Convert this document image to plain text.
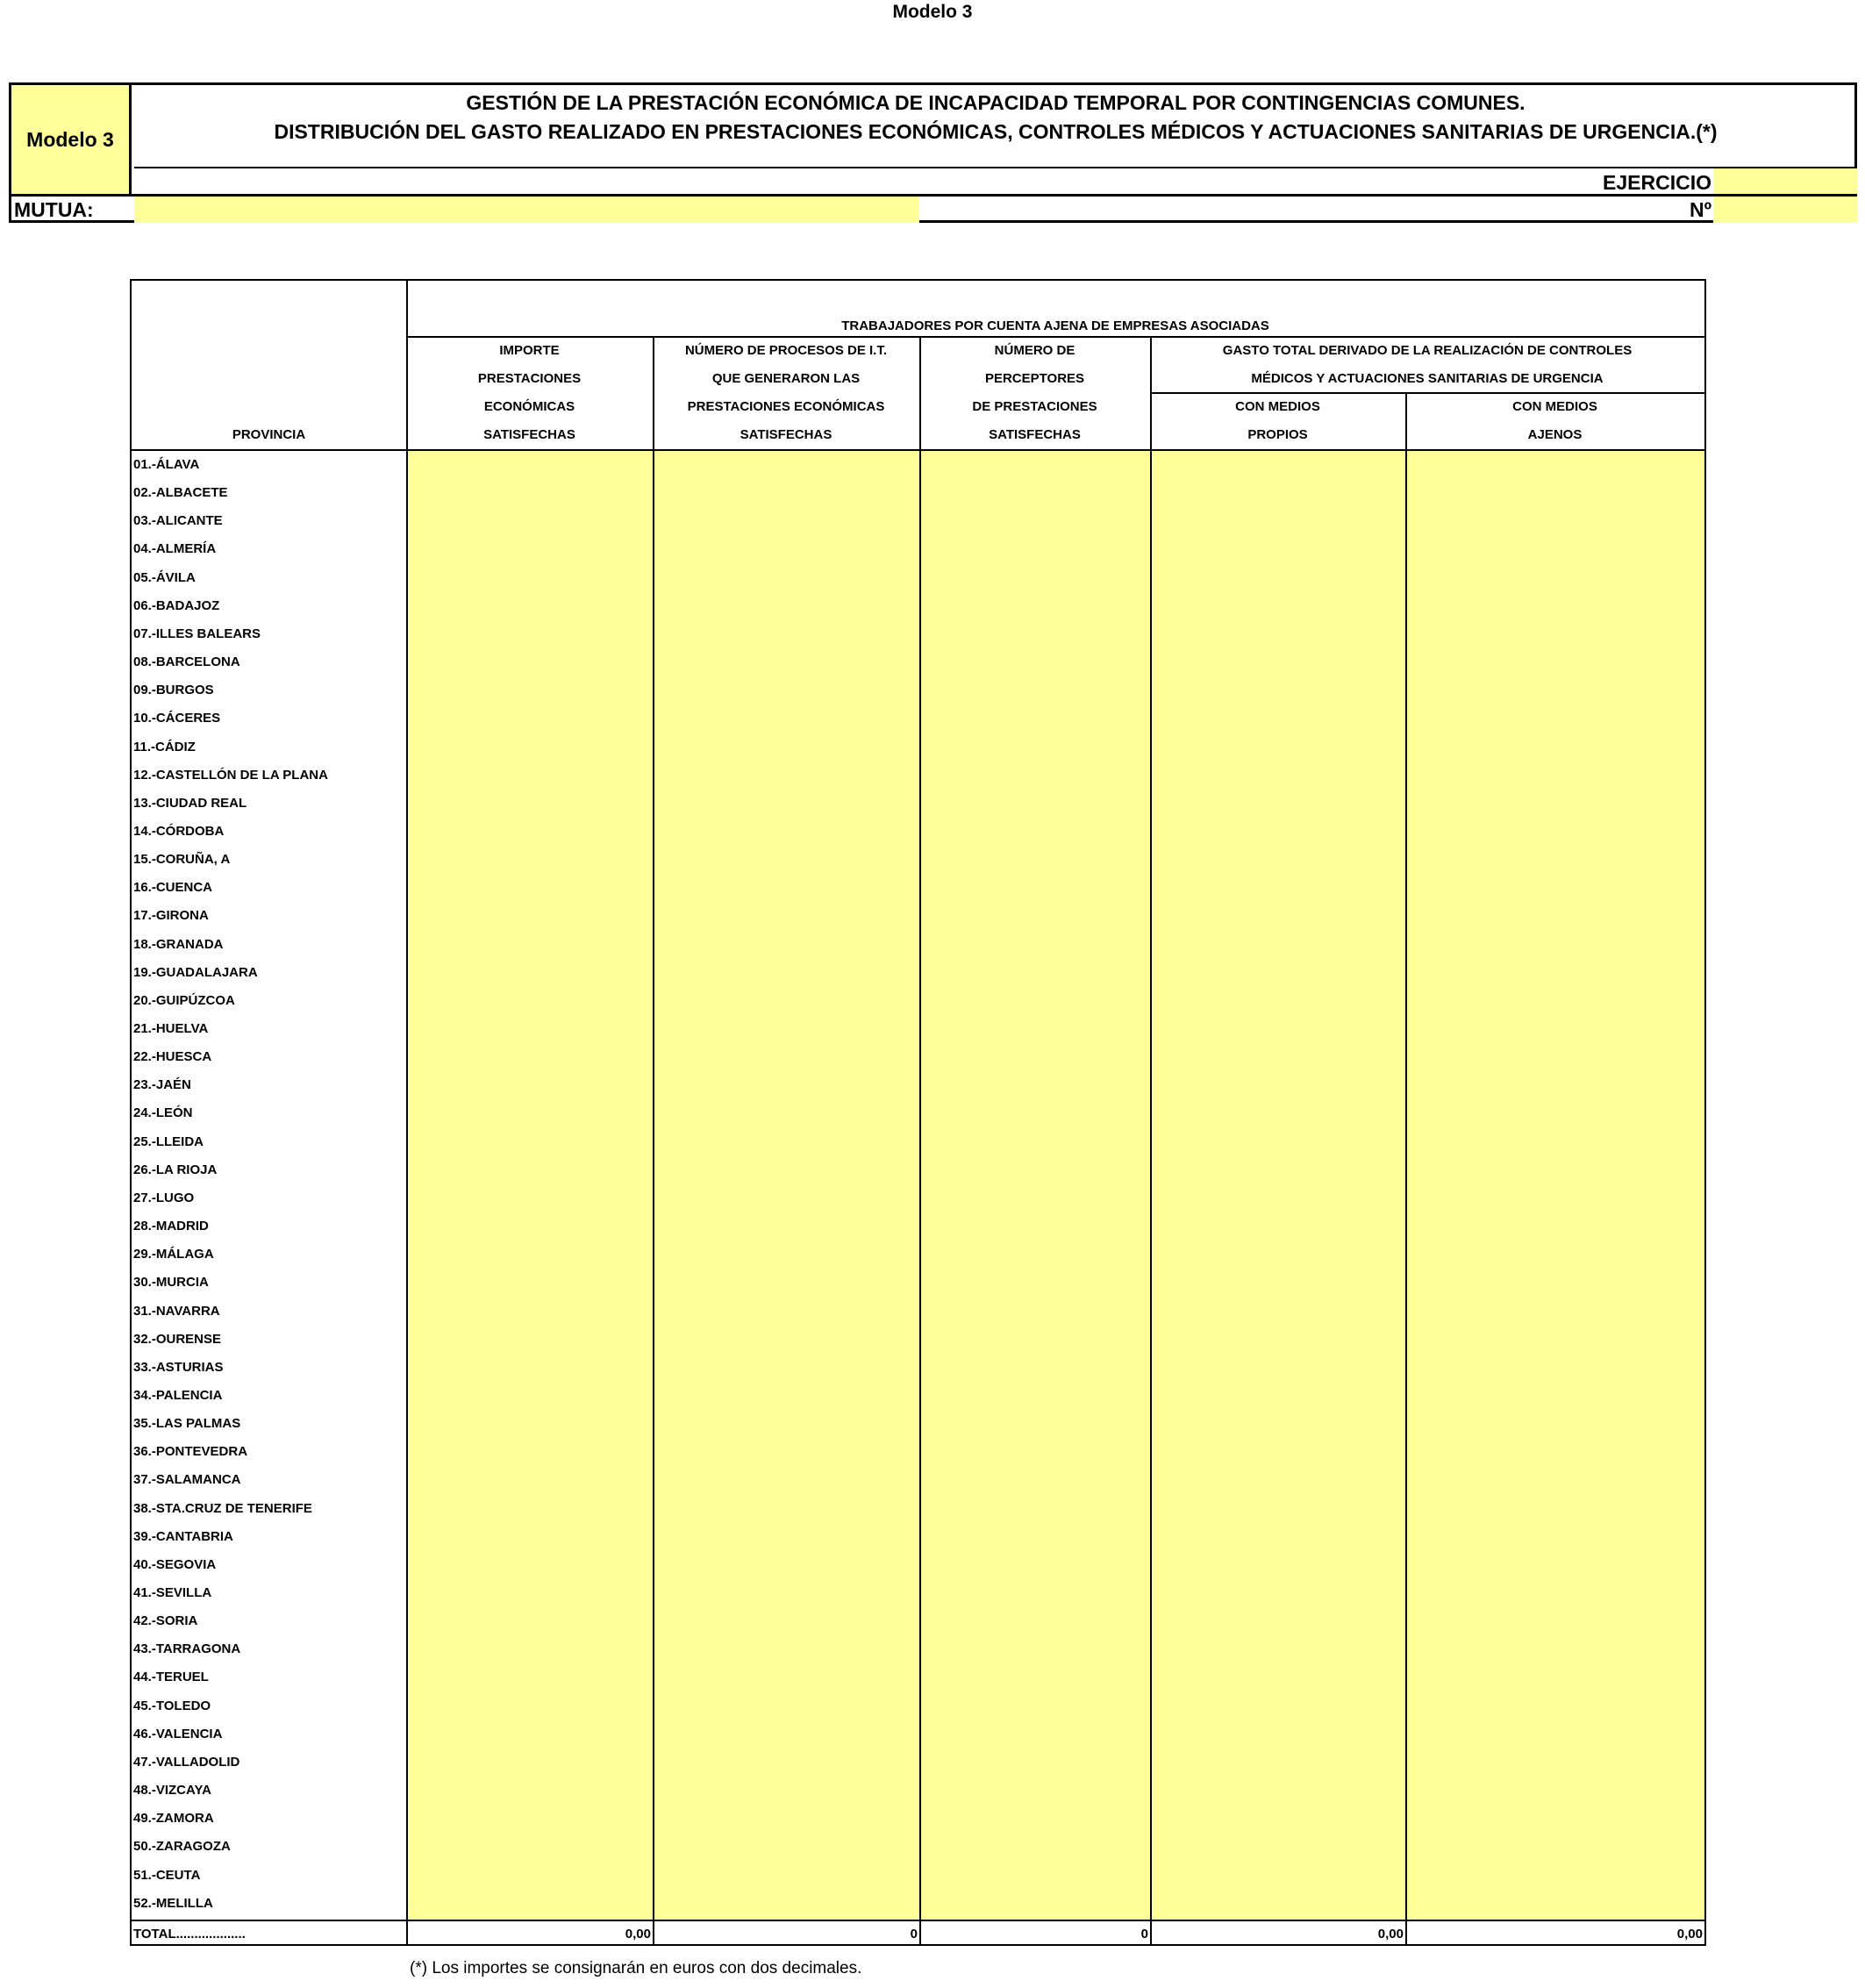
Modelo 3
Modelo 3
GESTIÓN DE LA PRESTACIÓN ECONÓMICA DE INCAPACIDAD TEMPORAL POR CONTINGENCIAS COMUNES.
DISTRIBUCIÓN DEL GASTO REALIZADO EN PRESTACIONES ECONÓMICAS, CONTROLES MÉDICOS Y ACTUACIONES SANITARIAS DE URGENCIA.(*)
EJERCICIO
MUTUA:	Nº
TRABAJADORES POR CUENTA AJENA DE EMPRESAS ASOCIADAS
PROVINCIA
IMPORTE
PRESTACIONES
ECONÓMICAS
SATISFECHAS
NÚMERO DE PROCESOS DE I.T.
QUE GENERARON LAS
PRESTACIONES ECONÓMICAS
SATISFECHAS
NÚMERO DE
PERCEPTORES
DE PRESTACIONES
SATISFECHAS
GASTO TOTAL DERIVADO DE LA REALIZACIÓN DE CONTROLES
MÉDICOS Y ACTUACIONES SANITARIAS DE URGENCIA
CON MEDIOS
PROPIOS
CON MEDIOS
AJENOS
01.-ÁLAVA
02.-ALBACETE
03.-ALICANTE
04.-ALMERÍA
05.-ÁVILA
06.-BADAJOZ
07.-ILLES BALEARS
08.-BARCELONA
09.-BURGOS
10.-CÁCERES
11.-CÁDIZ
12.-CASTELLÓN DE LA PLANA
13.-CIUDAD REAL
14.-CÓRDOBA
15.-CORUÑA, A
16.-CUENCA
17.-GIRONA
18.-GRANADA
19.-GUADALAJARA
20.-GUIPÚZCOA
21.-HUELVA
22.-HUESCA
23.-JAÉN
24.-LEÓN
25.-LLEIDA
26.-LA RIOJA
27.-LUGO
28.-MADRID
29.-MÁLAGA
30.-MURCIA
31.-NAVARRA
32.-OURENSE
33.-ASTURIAS
34.-PALENCIA
35.-LAS PALMAS
36.-PONTEVEDRA
37.-SALAMANCA
38.-STA.CRUZ DE TENERIFE
39.-CANTABRIA
40.-SEGOVIA
41.-SEVILLA
42.-SORIA
43.-TARRAGONA
44.-TERUEL
45.-TOLEDO
46.-VALENCIA
47.-VALLADOLID
48.-VIZCAYA
49.-ZAMORA
50.-ZARAGOZA
51.-CEUTA
52.-MELILLA
TOTAL...................	0,00	0	0	0,00	0,00
(*) Los importes se consignarán en euros con dos decimales.
